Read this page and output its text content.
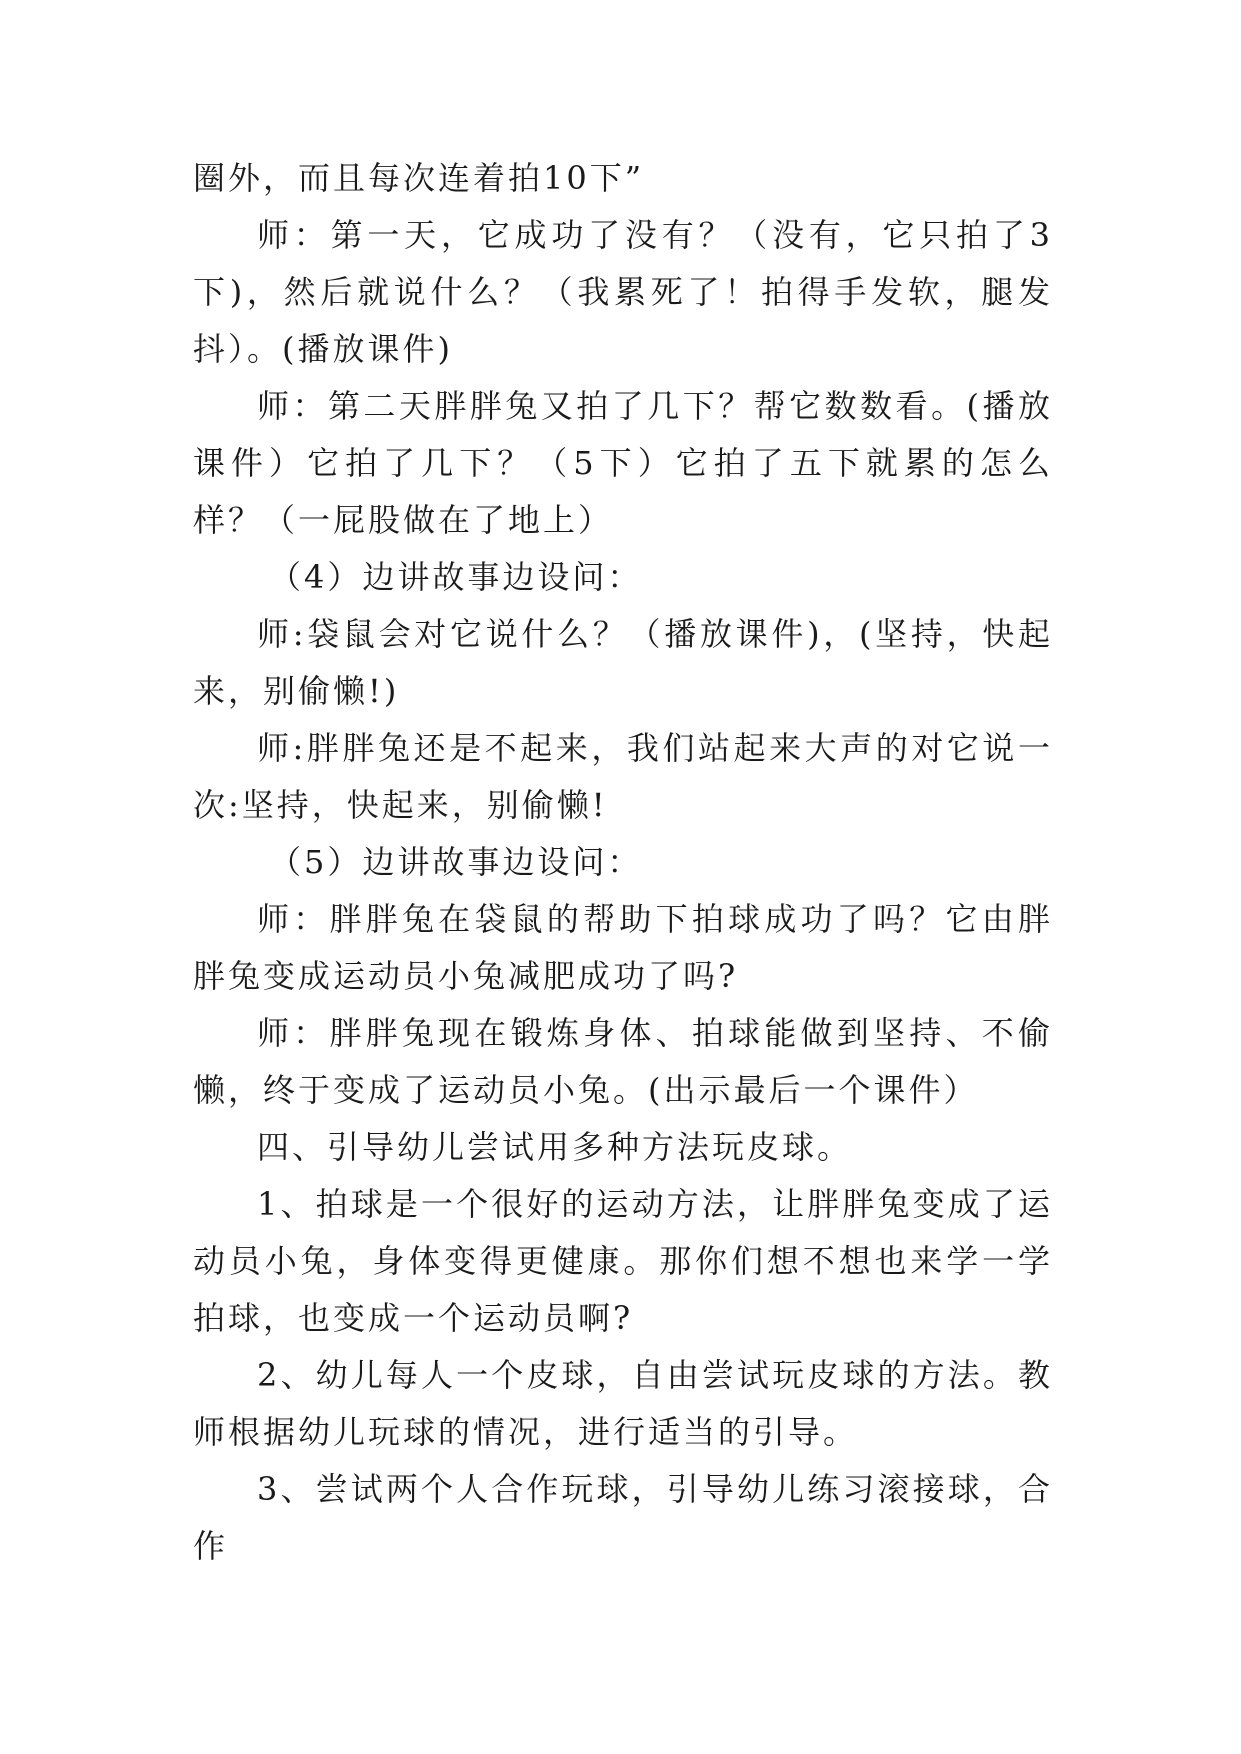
圈外，而且每次连着拍10下”

师：第一天，它成功了没有？（没有，它只拍了3下)，然后就说什么？（我累死了！拍得手发软，腿发抖）。(播放课件)

师：第二天胖胖兔又拍了几下？帮它数数看。(播放课件）它拍了几下？（5下）它拍了五下就累的怎么样？（一屁股做在了地上）

（4）边讲故事边设问：

师:袋鼠会对它说什么？（播放课件)，(坚持，快起来，别偷懒!)

师:胖胖兔还是不起来，我们站起来大声的对它说一次:坚持，快起来，别偷懒!

（5）边讲故事边设问：

师：胖胖兔在袋鼠的帮助下拍球成功了吗？它由胖胖兔变成运动员小兔减肥成功了吗?

师：胖胖兔现在锻炼身体、拍球能做到坚持、不偷懒，终于变成了运动员小兔。(出示最后一个课件）

四、引导幼儿尝试用多种方法玩皮球。

1、拍球是一个很好的运动方法，让胖胖兔变成了运动员小兔，身体变得更健康。那你们想不想也来学一学拍球，也变成一个运动员啊?

2、幼儿每人一个皮球，自由尝试玩皮球的方法。教师根据幼儿玩球的情况，进行适当的引导。

3、尝试两个人合作玩球，引导幼儿练习滚接球，合作
